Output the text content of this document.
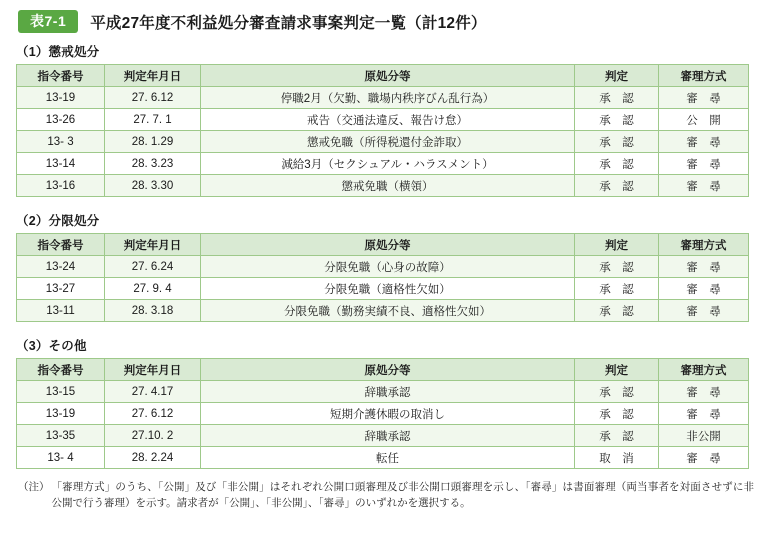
表7-1	平成27年度不利益処分審査請求事案判定一覧（計12件）
（1）懲戒処分
指令番号	判定年月日	原処分等	判定	審理方式
13-19	27. 6.12	停職2月（欠勤、職場内秩序びん乱行為）	承　認	審　尋
13-26	27. 7. 1	戒告（交通法違反、報告け怠）	承　認	公　開
13- 3	28. 1.29	懲戒免職（所得税還付金詐取）	承　認	審　尋
13-14	28. 3.23	減給3月（セクシュアル・ハラスメント）	承　認	審　尋
13-16	28. 3.30	懲戒免職（横領）	承　認	審　尋
（2）分限処分
指令番号	判定年月日	原処分等	判定	審理方式
13-24	27. 6.24	分限免職（心身の故障）	承　認	審　尋
13-27	27. 9. 4	分限免職（適格性欠如）	承　認	審　尋
13-11	28. 3.18	分限免職（勤務実績不良、適格性欠如）	承　認	審　尋
（3）その他
指令番号	判定年月日	原処分等	判定	審理方式
13-15	27. 4.17	辞職承認	承　認	審　尋
13-19	27. 6.12	短期介護休暇の取消し	承　認	審　尋
13-35	27.10. 2	辞職承認	承　認	非公開
13- 4	28. 2.24	転任	取　消	審　尋
（注） 「審理方式」のうち、「公開」及び「非公開」はそれぞれ公開口頭審理及び非公開口頭審理を示し、「審尋」は書面審理（両当事者を対面させずに非公開で行う審理）を示す。請求者が「公開」、「非公開」、「審尋」のいずれかを選択する。
